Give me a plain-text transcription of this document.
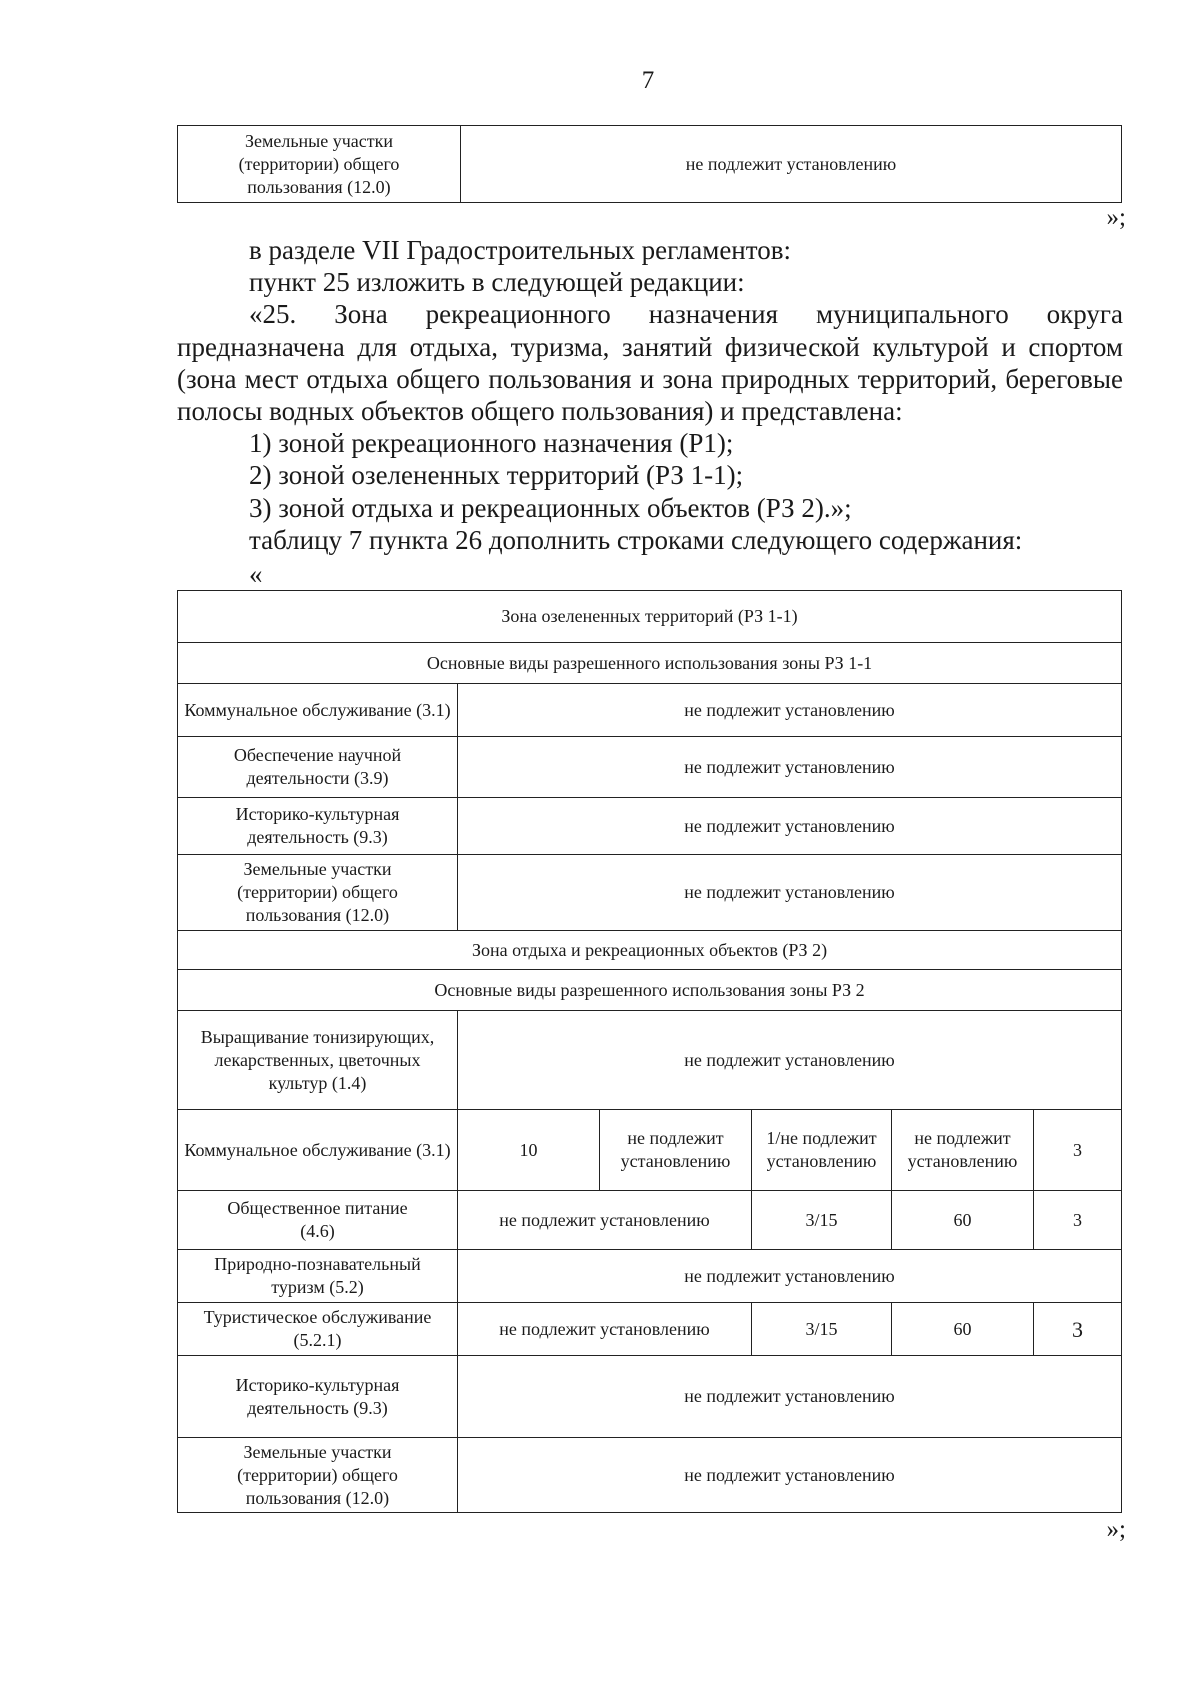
7
Земельные участки (территории) общего пользования (12.0)	не подлежит установлению
»;

в разделе VII Градостроительных регламентов:

пункт 25 изложить в следующей редакции:

«25. Зона рекреационного назначения муниципального округа предназначена для отдыха, туризма, занятий физической культурой и спортом (зона мест отдыха общего пользования и зона природных территорий, береговые полосы водных объектов общего пользования) и представлена:

1) зоной рекреационного назначения (Р1);

2) зоной озелененных территорий (РЗ 1-1);

3) зоной отдыха и рекреационных объектов (РЗ 2).»;

таблицу 7 пункта 26 дополнить строками следующего содержания:

«

Зона озелененных территорий (РЗ 1-1)					
Основные виды разрешенного использования зоны РЗ 1-1					
Коммунальное обслуживание (3.1)	не подлежит установлению				
Обеспечение научной деятельности (3.9)	не подлежит установлению				
Историко-культурная деятельность (9.3)	не подлежит установлению				
Земельные участки (территории) общего пользования (12.0)	не подлежит установлению				
Зона отдыха и рекреационных объектов (РЗ 2)					
Основные виды разрешенного использования зоны РЗ 2					
Выращивание тонизирующих, лекарственных, цветочных культур (1.4)	не подлежит установлению				
Коммунальное обслуживание (3.1)	10	не подлежит установлению	1/не подлежит установлению	не подлежит установлению	3
Общественное питание (4.6)	не подлежит установлению		3/15	60	3
Природно-познавательный туризм (5.2)	не подлежит установлению				
Туристическое обслуживание (5.2.1)	не подлежит установлению		3/15	60	3
Историко-культурная деятельность (9.3)	не подлежит установлению				
Земельные участки (территории) общего пользования (12.0)	не подлежит установлению				
»;
